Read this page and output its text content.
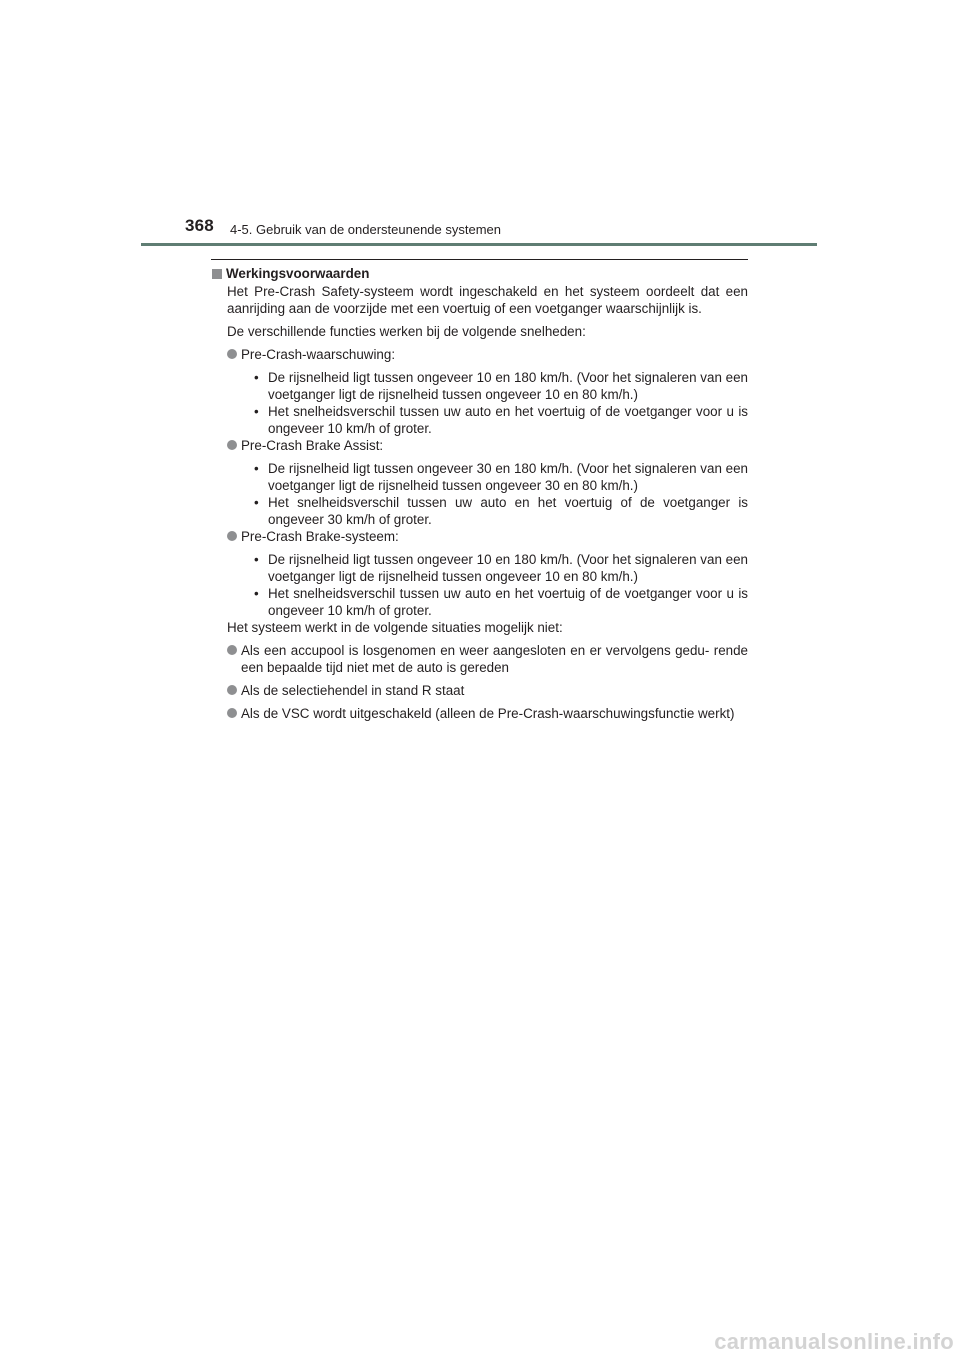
368 4-5. Gebruik van de ondersteunende systemen
Werkingsvoorwaarden
Het Pre-Crash Safety-systeem wordt ingeschakeld en het systeem oordeelt dat een aanrijding aan de voorzijde met een voertuig of een voetganger waarschijnlijk is.
De verschillende functies werken bij de volgende snelheden:
Pre-Crash-waarschuwing:
• De rijsnelheid ligt tussen ongeveer 10 en 180 km/h. (Voor het signaleren van een voetganger ligt de rijsnelheid tussen ongeveer 10 en 80 km/h.)
• Het snelheidsverschil tussen uw auto en het voertuig of de voetganger voor u is ongeveer 10 km/h of groter.
Pre-Crash Brake Assist:
• De rijsnelheid ligt tussen ongeveer 30 en 180 km/h. (Voor het signaleren van een voetganger ligt de rijsnelheid tussen ongeveer 30 en 80 km/h.)
• Het snelheidsverschil tussen uw auto en het voertuig of de voetganger is ongeveer 30 km/h of groter.
Pre-Crash Brake-systeem:
• De rijsnelheid ligt tussen ongeveer 10 en 180 km/h. (Voor het signaleren van een voetganger ligt de rijsnelheid tussen ongeveer 10 en 80 km/h.)
• Het snelheidsverschil tussen uw auto en het voertuig of de voetganger voor u is ongeveer 10 km/h of groter.
Het systeem werkt in de volgende situaties mogelijk niet:
Als een accupool is losgenomen en weer aangesloten en er vervolgens gedu- rende een bepaalde tijd niet met de auto is gereden
Als de selectiehendel in stand R staat
Als de VSC wordt uitgeschakeld (alleen de Pre-Crash-waarschuwingsfunctie werkt)
carmanualsonline.info
